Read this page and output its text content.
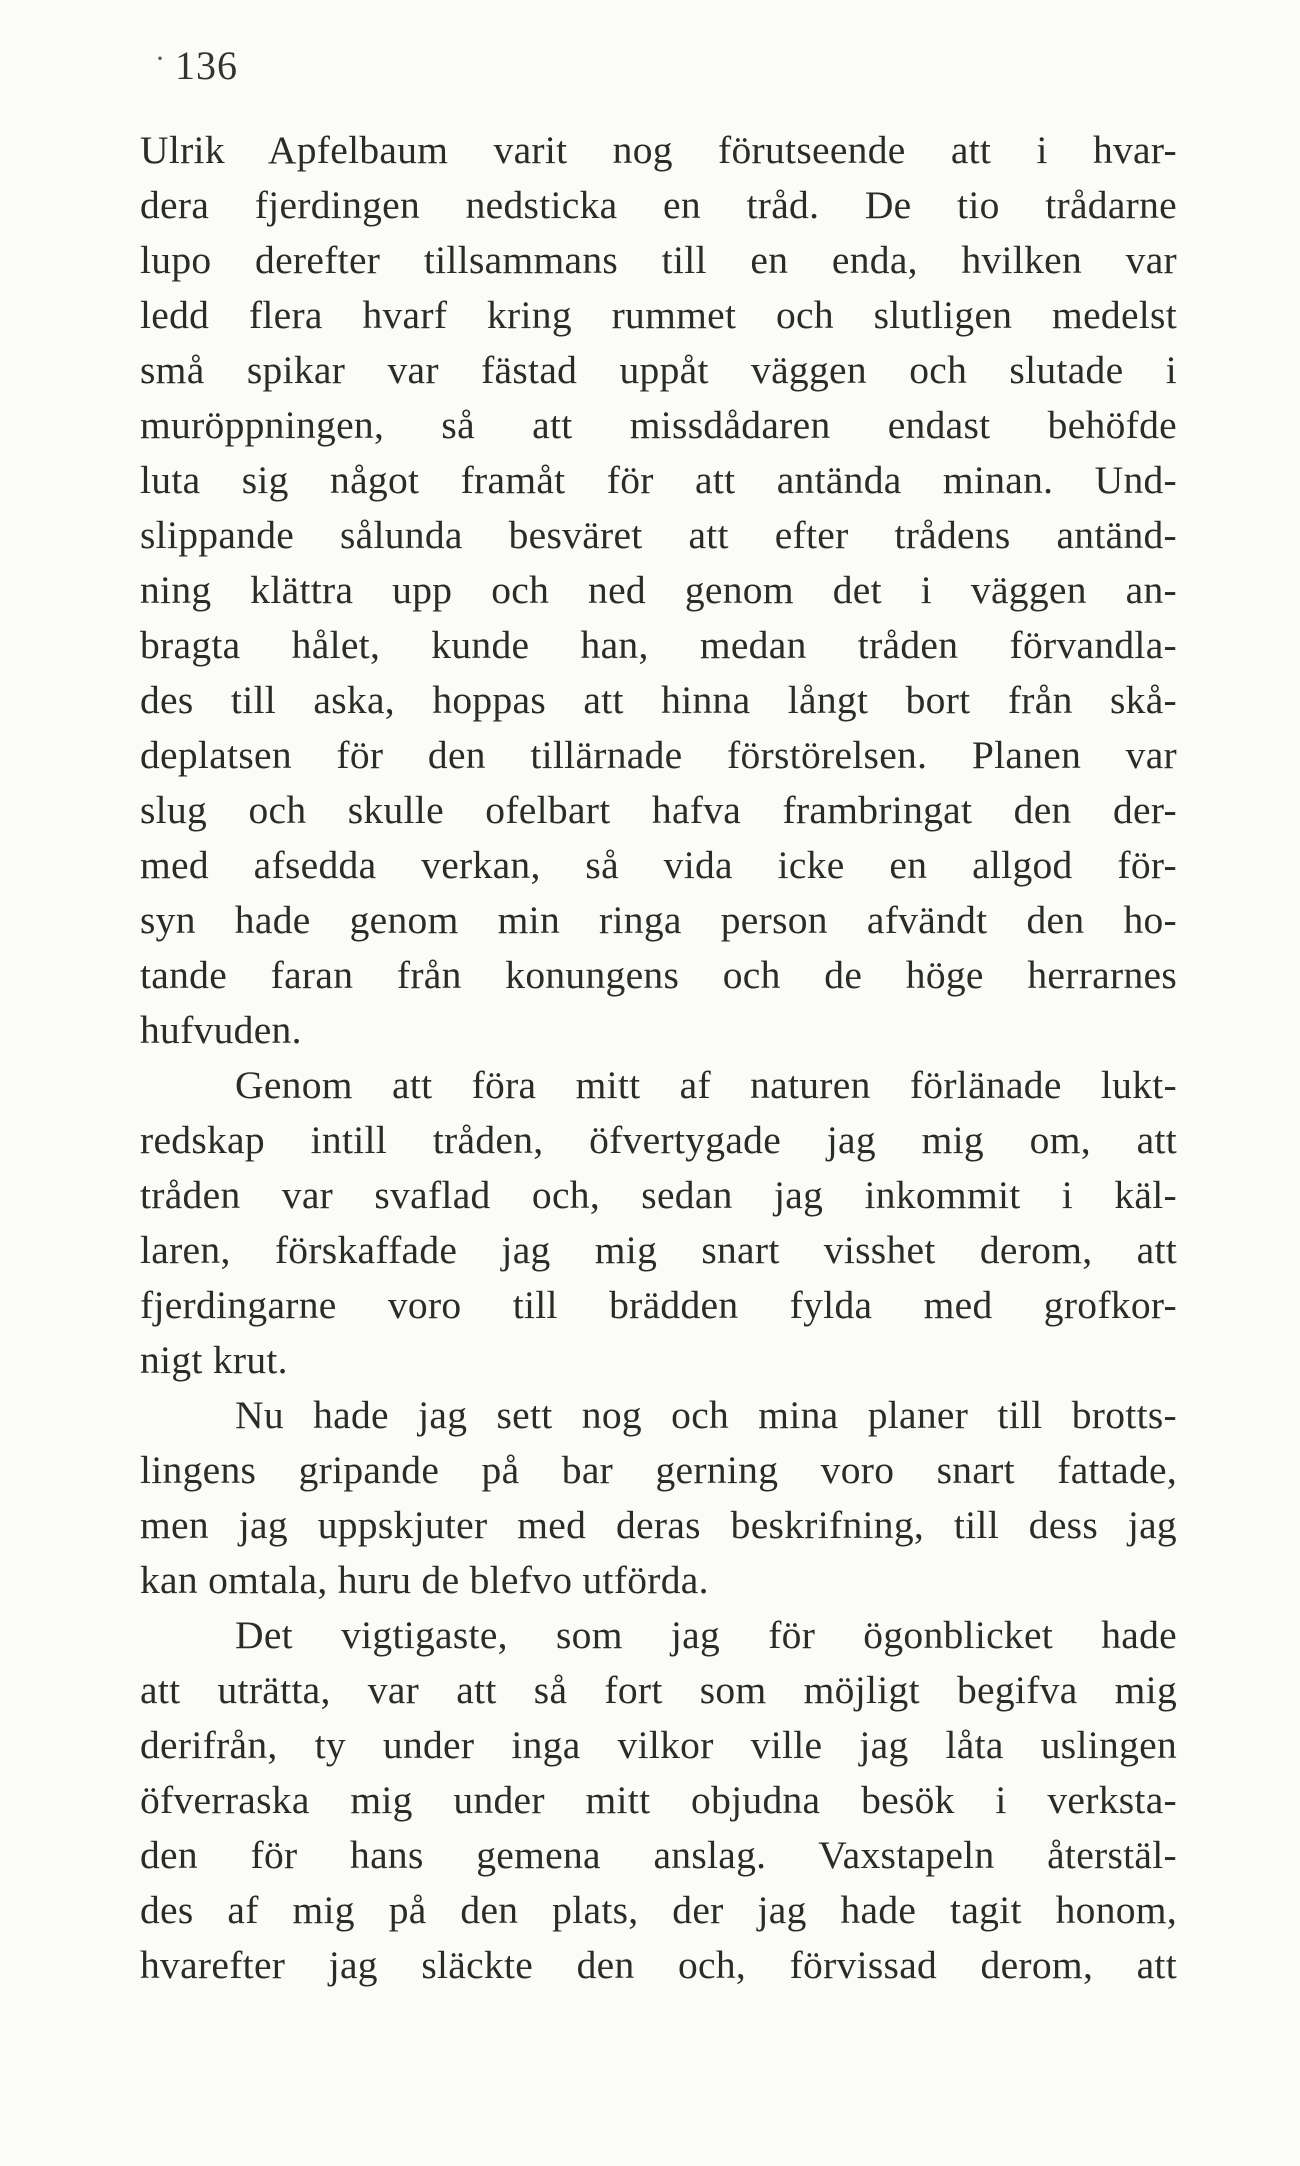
· 136
Ulrik Apfelbaum varit nog förutseende att i hvar-
dera fjerdingen nedsticka en tråd. De tio trådarne
lupo derefter tillsammans till en enda, hvilken var
ledd flera hvarf kring rummet och slutligen medelst
små spikar var fästad uppåt väggen och slutade i
muröppningen, så att missdådaren endast behöfde
luta sig något framåt för att antända minan. Und-
slippande sålunda besväret att efter trådens antänd-
ning klättra upp och ned genom det i väggen an-
bragta hålet, kunde han, medan tråden förvandla-
des till aska, hoppas att hinna långt bort från skå-
deplatsen för den tillärnade förstörelsen. Planen var
slug och skulle ofelbart hafva frambringat den der-
med afsedda verkan, så vida icke en allgod för-
syn hade genom min ringa person afvändt den ho-
tande faran från konungens och de höge herrarnes
hufvuden.
Genom att föra mitt af naturen förlänade lukt-
redskap intill tråden, öfvertygade jag mig om, att
tråden var svaflad och, sedan jag inkommit i käl-
laren, förskaffade jag mig snart visshet derom, att
fjerdingarne voro till brädden fylda med grofkor-
nigt krut.
Nu hade jag sett nog och mina planer till brotts-
lingens gripande på bar gerning voro snart fattade,
men jag uppskjuter med deras beskrifning, till dess jag
kan omtala, huru de blefvo utförda.
Det vigtigaste, som jag för ögonblicket hade
att uträtta, var att så fort som möjligt begifva mig
derifrån, ty under inga vilkor ville jag låta uslingen
öfverraska mig under mitt objudna besök i verksta-
den för hans gemena anslag. Vaxstapeln återstäl-
des af mig på den plats, der jag hade tagit honom,
hvarefter jag släckte den och, förvissad derom, att
